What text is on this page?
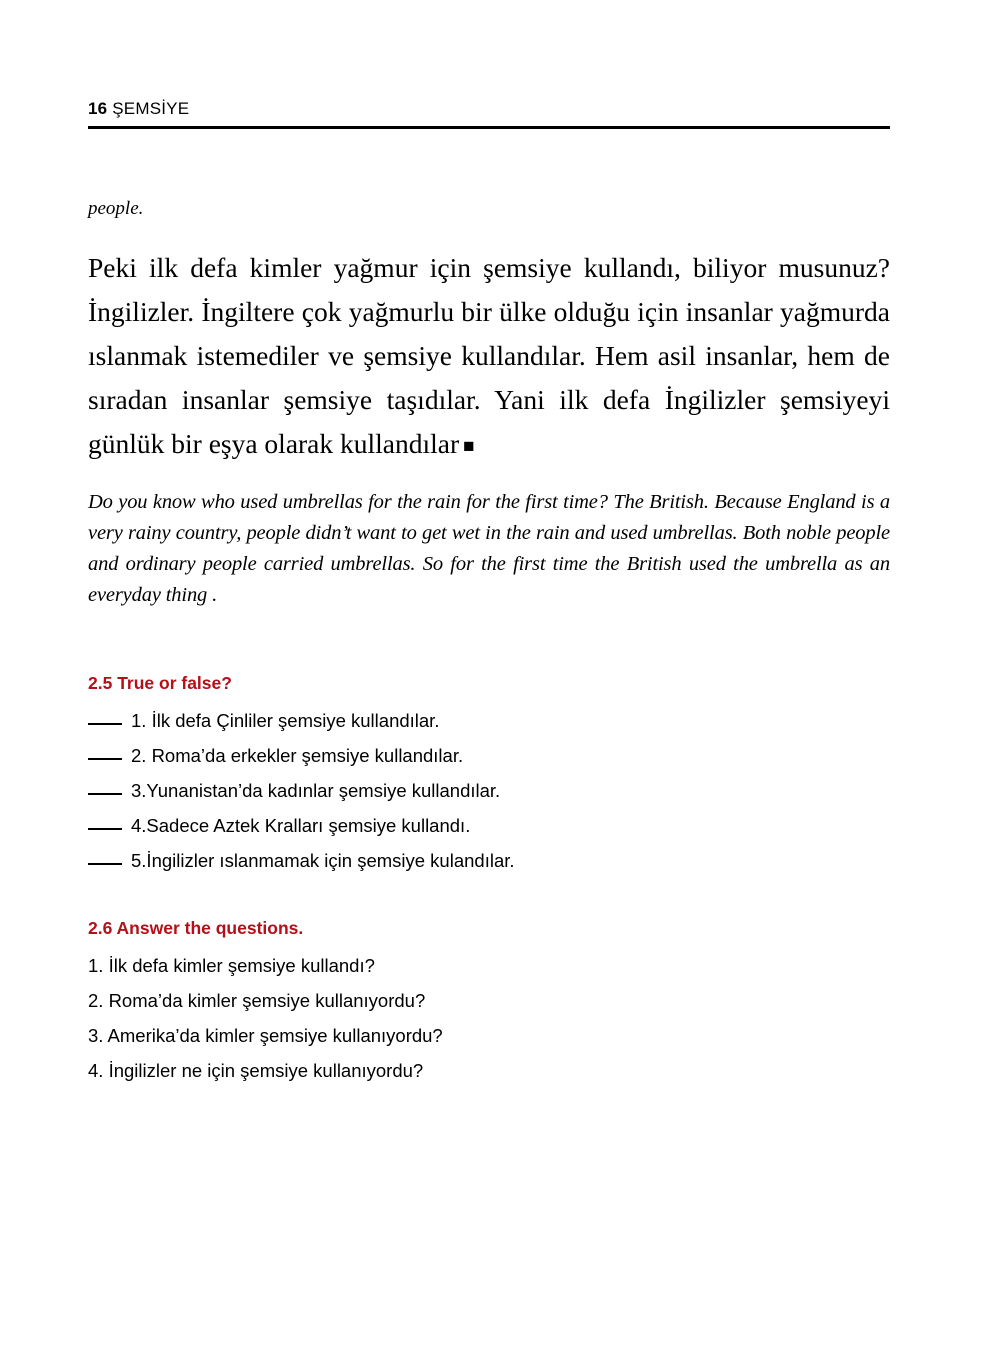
16 ŞEMSİYE

people.

Peki ilk defa kimler yağmur için şemsiye kullandı, biliyor musunuz? İngilizler. İngiltere çok yağmurlu bir ülke olduğu için insanlar yağmurda ıslanmak istemediler ve şemsiye kullandılar. Hem asil insanlar, hem de sıradan insanlar şemsiye taşıdılar. Yani ilk defa İngilizler şemsiyeyi günlük bir eşya olarak kullandılar ■

Do you know who used umbrellas for the rain for the first time? The British. Because England is a very rainy country, people didn’t want to get wet in the rain and used umbrellas. Both noble people and ordinary people carried umbrellas. So for the first time the British used the umbrella as an everyday thing .

2.5 True or false?
1. İlk defa Çinliler şemsiye kullandılar.
2. Roma’da erkekler şemsiye kullandılar.
3.Yunanistan’da kadınlar şemsiye kullandılar.
4.Sadece Aztek Kralları şemsiye kullandı.
5.İngilizler ıslanmamak için şemsiye kulandılar.
2.6 Answer the questions.
1. İlk defa kimler şemsiye kullandı?
2. Roma’da kimler şemsiye kullanıyordu?
3. Amerika’da kimler şemsiye kullanıyordu?
4. İngilizler ne için şemsiye kullanıyordu?
